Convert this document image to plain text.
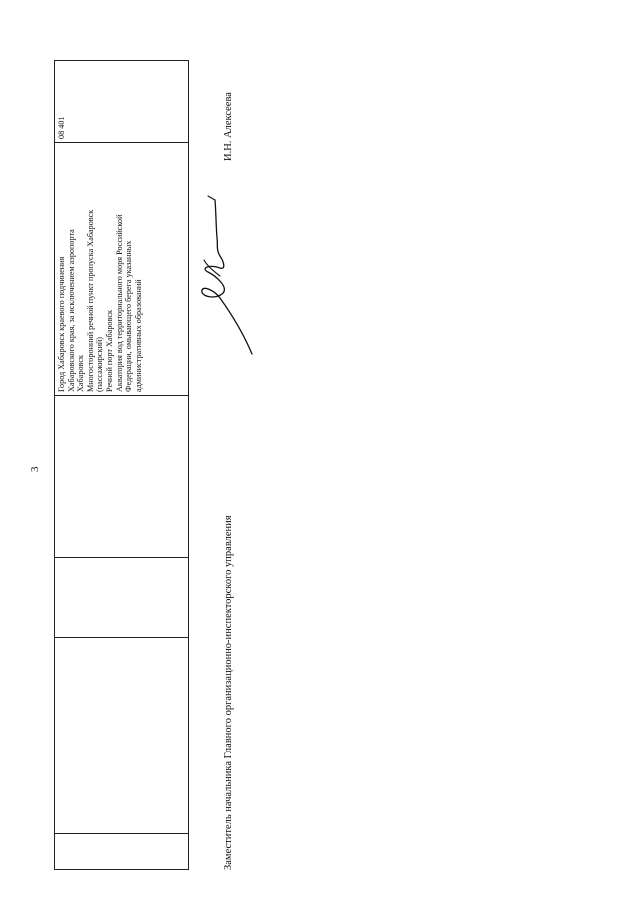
3
Город Хабаровск краевого подчинения Хабаровского края, за исключением аэропорта Хабаровск Многосторонний речной пункт пропуска Хабаровск (пассажирский) Речной порт Хабаровск Акватория вод территориального моря Российской Федерации, омывающего берега указанных административных образований
08 401
Заместитель начальника Главного организационно-инспекторского управления
И.Н. Алексеева
